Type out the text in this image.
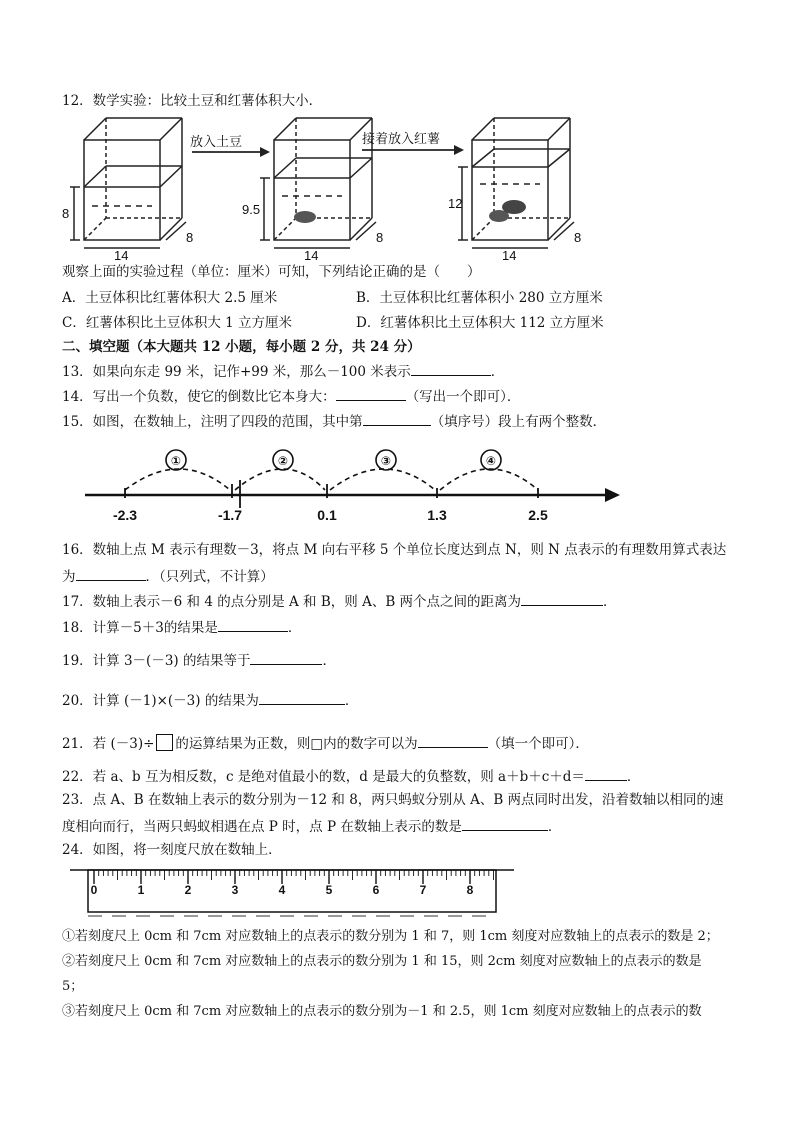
12．数学实验：比较土豆和红薯体积大小．
放入土豆	接着放入红薯
8
14
8
9.5
14
8
12
14
8
观察上面的实验过程（单位：厘米）可知，下列结论正确的是（　　）
A．土豆体积比红薯体积大 2.5 厘米	B．土豆体积比红薯体积小 280 立方厘米
C．红薯体积比土豆体积大 1 立方厘米	D．红薯体积比土豆体积大 112 立方厘米
二、填空题（本大题共 12 小题，每小题 2 分，共 24 分）
13．如果向东走 99 米，记作+99 米，那么－100 米表示	．
14．写出一个负数，使它的倒数比它本身大：	（写出一个即可）．
15．如图，在数轴上，注明了四段的范围，其中第	（填序号）段上有两个整数．
①	②	③	④
-2.3	-1.7	0.1	1.3	2.5
16．数轴上点 M 表示有理数－3，将点 M 向右平移 5 个单位长度达到点 N，则 N 点表示的有理数用算式表达
为	．（只列式，不计算）
17．数轴上表示－6 和 4 的点分别是 A 和 B，则 A、B 两个点之间的距离为	．
18．计算－5＋3的结果是	．
19．计算 3－(－3) 的结果等于	．
20．计算 (－1)×(－3) 的结果为	．
21．若 (－3)÷ 的运算结果为正数，则□内的数字可以为	（填一个即可）．
22．若 a、b 互为相反数，c 是绝对值最小的数，d 是最大的负整数，则 a＋b＋c＋d＝	．
23．点 A、B 在数轴上表示的数分别为－12 和 8，两只蚂蚁分别从 A、B 两点同时出发，沿着数轴以相同的速
度相向而行，当两只蚂蚁相遇在点 P 时，点 P 在数轴上表示的数是	．
24．如图，将一刻度尺放在数轴上．
0	1	2	3	4	5	6	7	8
①若刻度尺上 0cm 和 7cm 对应数轴上的点表示的数分别为 1 和 7，则 1cm 刻度对应数轴上的点表示的数是 2；
②若刻度尺上 0cm 和 7cm 对应数轴上的点表示的数分别为 1 和 15，则 2cm 刻度对应数轴上的点表示的数是
5；
③若刻度尺上 0cm 和 7cm 对应数轴上的点表示的数分别为－1 和 2.5，则 1cm 刻度对应数轴上的点表示的数
